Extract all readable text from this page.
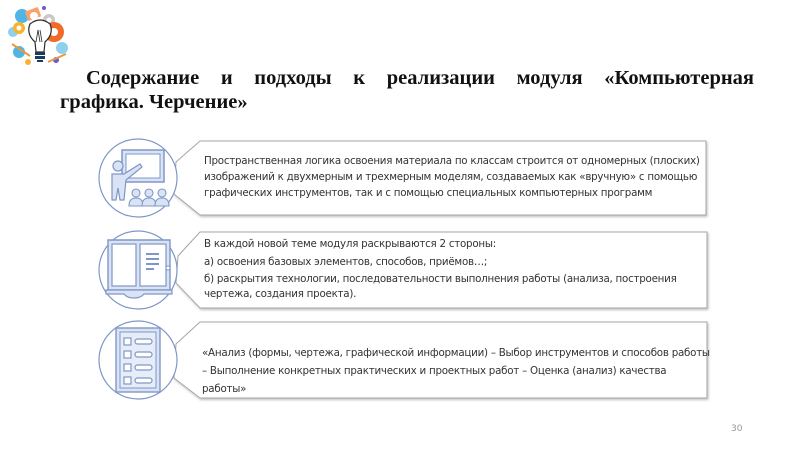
Содержание и подходы к реализации модуля «Компьютерная
графика. Черчение»
Пространственная логика освоения материала по классам строится от одномерных (плоских)
изображений к двухмерным и трехмерным моделям, создаваемых как «вручную» с помощью
графических инструментов, так и с помощью специальных компьютерных программ
В каждой новой теме модуля раскрываются 2 стороны:
а) освоения базовых элементов, способов, приёмов…;
б) раскрытия технологии, последовательности выполнения работы (анализа, построения
чертежа, создания проекта).
«Анализ (формы, чертежа, графической информации) – Выбор инструментов и способов работы
– Выполнение конкретных практических и проектных работ – Оценка (анализ) качества работы»
30
